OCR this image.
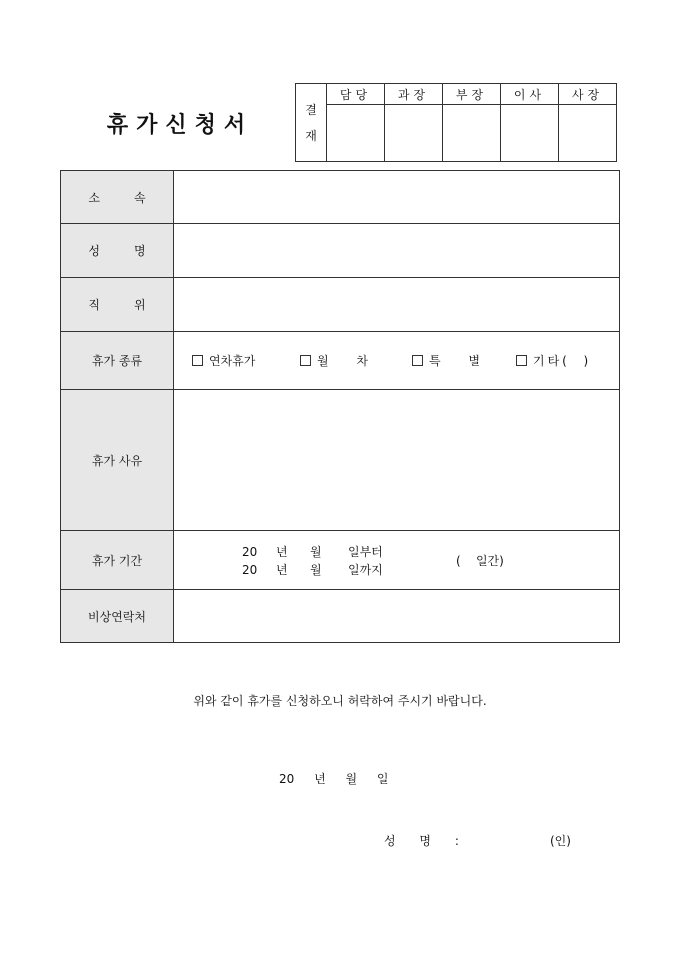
휴가신청서
결
재	담당	과장	부장	이사	사장

소속	
성명	
직위	
휴가 종류	연차휴가 월 차 특 별 기타(  )

휴가 사유	
휴가 기간	20 년 월 일부터
20 년 월 일까지
(    일간)

비상연락처	
위와 같이 휴가를 신청하오니 허락하여 주시기 바랍니다.
20 년 월 일
성 명 :	(인)
